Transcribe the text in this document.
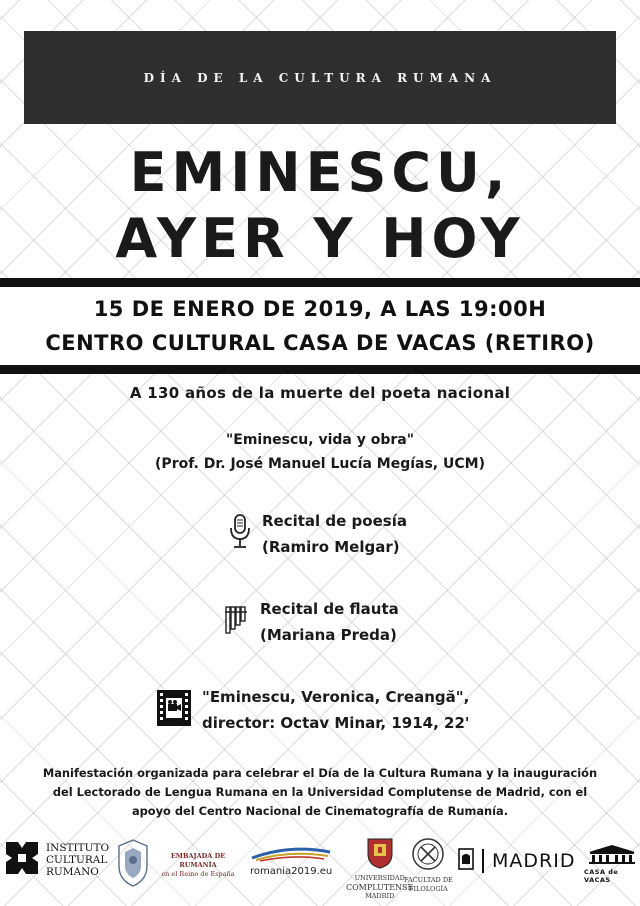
DÍA DE LA CULTURA RUMANA
EMINESCU,
AYER Y HOY
15 DE ENERO DE 2019, A LAS 19:00H
CENTRO CULTURAL CASA DE VACAS (RETIRO)
A 130 años de la muerte del poeta nacional
"Eminescu, vida y obra"
(Prof. Dr. José Manuel Lucía Megías, UCM)
Recital de poesía
(Ramiro Melgar)
Recital de flauta
(Mariana Preda)
"Eminescu, Veronica, Creangă",
director: Octav Minar, 1914, 22'
Manifestación organizada para celebrar el Día de la Cultura Rumana y la inauguración
del Lectorado de Lengua Rumana en la Universidad Complutense de Madrid, con el
apoyo del Centro Nacional de Cinematografía de Rumanía.
INSTITUTO
CULTURAL
RUMANO
EMBAJADA DE RUMANÍA
en el Reino de España	romania2019.eu
UNIVERSIDAD
COMPLUTENSE
MADRID
FACULTAD DE
FILOLOGÍA
MADRID CASA de VACAS
